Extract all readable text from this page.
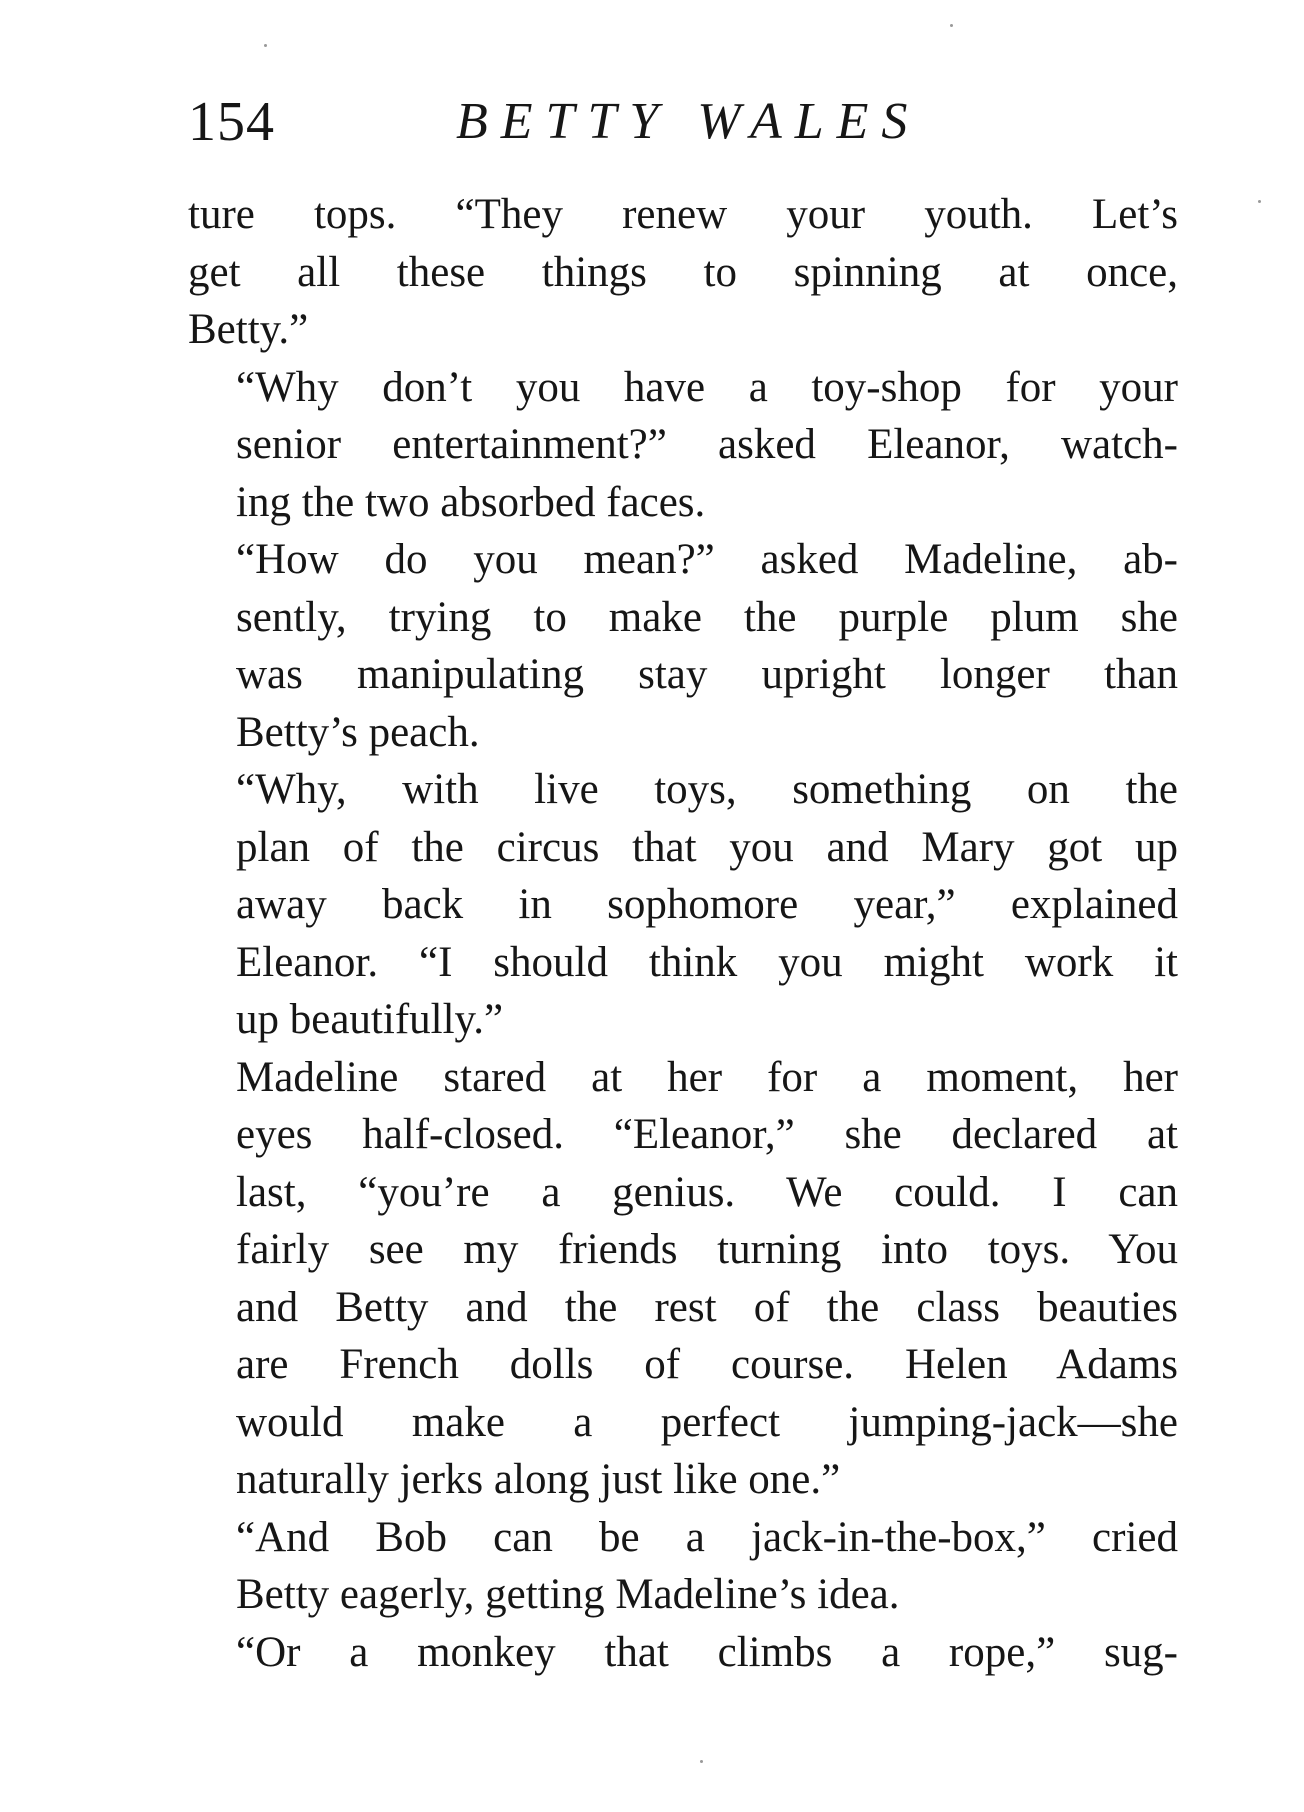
154	BETTY WALES

ture tops. “They renew your youth. Let’s
get all these things to spinning at once,
Betty.”

“Why don’t you have a toy-shop for your
senior entertainment?” asked Eleanor, watch-
ing the two absorbed faces.

“How do you mean?” asked Madeline, ab-
sently, trying to make the purple plum she
was manipulating stay upright longer than
Betty’s peach.

“Why, with live toys, something on the
plan of the circus that you and Mary got up
away back in sophomore year,” explained
Eleanor. “I should think you might work it
up beautifully.”

Madeline stared at her for a moment, her
eyes half-closed. “Eleanor,” she declared at
last, “you’re a genius. We could. I can
fairly see my friends turning into toys. You
and Betty and the rest of the class beauties
are French dolls of course. Helen Adams
would make a perfect jumping-jack—she
naturally jerks along just like one.”

“And Bob can be a jack-in-the-box,” cried
Betty eagerly, getting Madeline’s idea.

“Or a monkey that climbs a rope,” sug-
